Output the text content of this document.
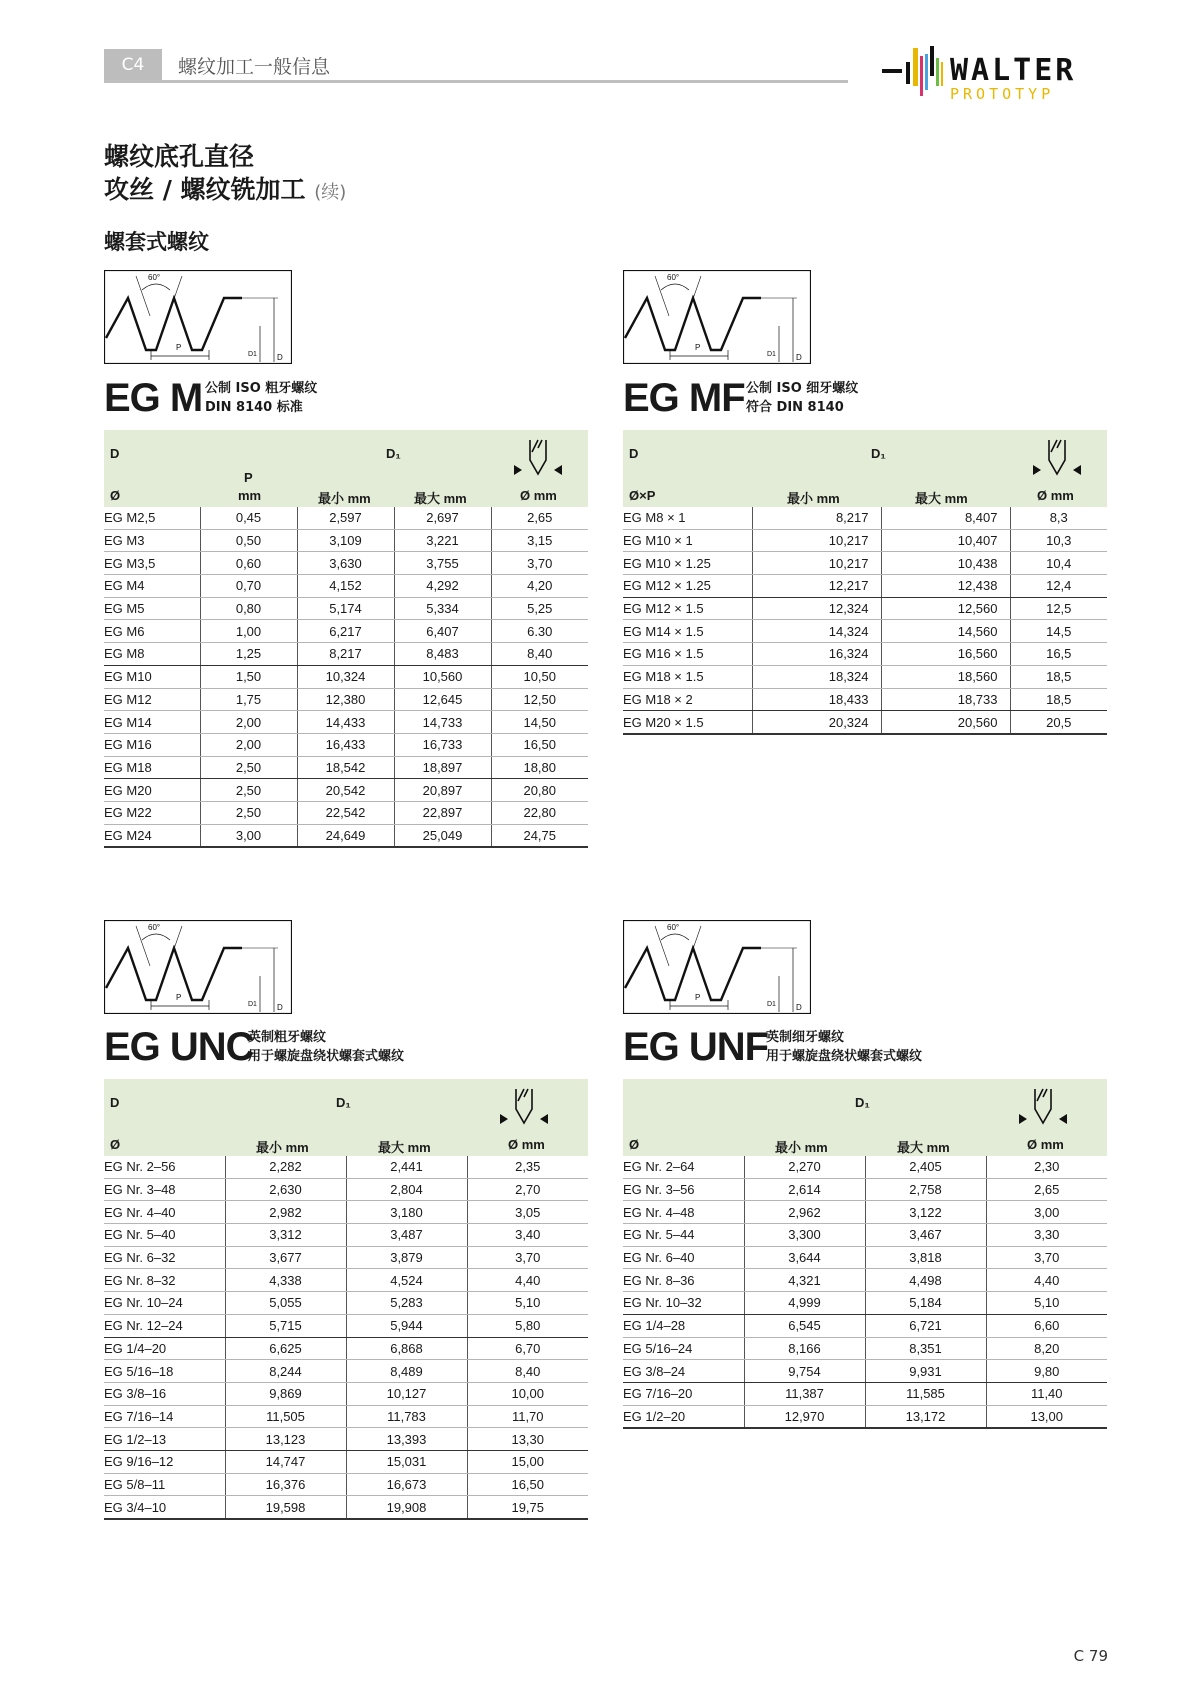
C4	螺纹加工一般信息	WALTER
PROTOTYP
螺纹底孔直径
攻丝 / 螺纹铣加工 (续)
螺套式螺纹
60°
P
D1	D
60°
P
D1	D
60°
P
D1	D
60°
P
D1	D
EG M 公制 ISO 粗牙螺纹
DIN 8140 标准
D	D₁
P
Ø	mm	最小 mm	最大 mm	Ø mm
EG M2,5	0,45	2,597	2,697	2,65
EG M3	0,50	3,109	3,221	3,15
EG M3,5	0,60	3,630	3,755	3,70
EG M4	0,70	4,152	4,292	4,20
EG M5	0,80	5,174	5,334	5,25
EG M6	1,00	6,217	6,407	6.30
EG M8	1,25	8,217	8,483	8,40
EG M10	1,50	10,324	10,560	10,50
EG M12	1,75	12,380	12,645	12,50
EG M14	2,00	14,433	14,733	14,50
EG M16	2,00	16,433	16,733	16,50
EG M18	2,50	18,542	18,897	18,80
EG M20	2,50	20,542	20,897	20,80
EG M22	2,50	22,542	22,897	22,80
EG M24	3,00	24,649	25,049	24,75
EG MF 公制 ISO 细牙螺纹
符合 DIN 8140
D	D₁
Ø×P	最小 mm	最大 mm	Ø mm
EG M8 × 1	8,217	8,407	8,3
EG M10 × 1	10,217	10,407	10,3
EG M10 × 1.25	10,217	10,438	10,4
EG M12 × 1.25	12,217	12,438	12,4
EG M12 × 1.5	12,324	12,560	12,5
EG M14 × 1.5	14,324	14,560	14,5
EG M16 × 1.5	16,324	16,560	16,5
EG M18 × 1.5	18,324	18,560	18,5
EG M18 × 2	18,433	18,733	18,5
EG M20 × 1.5	20,324	20,560	20,5
EG UNC
英制粗牙螺纹
用于螺旋盘绕状螺套式螺纹
D	D₁
Ø	最小 mm	最大 mm	Ø mm
EG Nr. 2–56	2,282	2,441	2,35
EG Nr. 3–48	2,630	2,804	2,70
EG Nr. 4–40	2,982	3,180	3,05
EG Nr. 5–40	3,312	3,487	3,40
EG Nr. 6–32	3,677	3,879	3,70
EG Nr. 8–32	4,338	4,524	4,40
EG Nr. 10–24	5,055	5,283	5,10
EG Nr. 12–24	5,715	5,944	5,80
EG 1/4–20	6,625	6,868	6,70
EG 5/16–18	8,244	8,489	8,40
EG 3/8–16	9,869	10,127	10,00
EG 7/16–14	11,505	11,783	11,70
EG 1/2–13	13,123	13,393	13,30
EG 9/16–12	14,747	15,031	15,00
EG 5/8–11	16,376	16,673	16,50
EG 3/4–10	19,598	19,908	19,75
EG UNF
英制细牙螺纹
用于螺旋盘绕状螺套式螺纹
D₁
Ø	最小 mm	最大 mm	Ø mm
EG Nr. 2–64	2,270	2,405	2,30
EG Nr. 3–56	2,614	2,758	2,65
EG Nr. 4–48	2,962	3,122	3,00
EG Nr. 5–44	3,300	3,467	3,30
EG Nr. 6–40	3,644	3,818	3,70
EG Nr. 8–36	4,321	4,498	4,40
EG Nr. 10–32	4,999	5,184	5,10
EG 1/4–28	6,545	6,721	6,60
EG 5/16–24	8,166	8,351	8,20
EG 3/8–24	9,754	9,931	9,80
EG 7/16–20	11,387	11,585	11,40
EG 1/2–20	12,970	13,172	13,00
C 79
